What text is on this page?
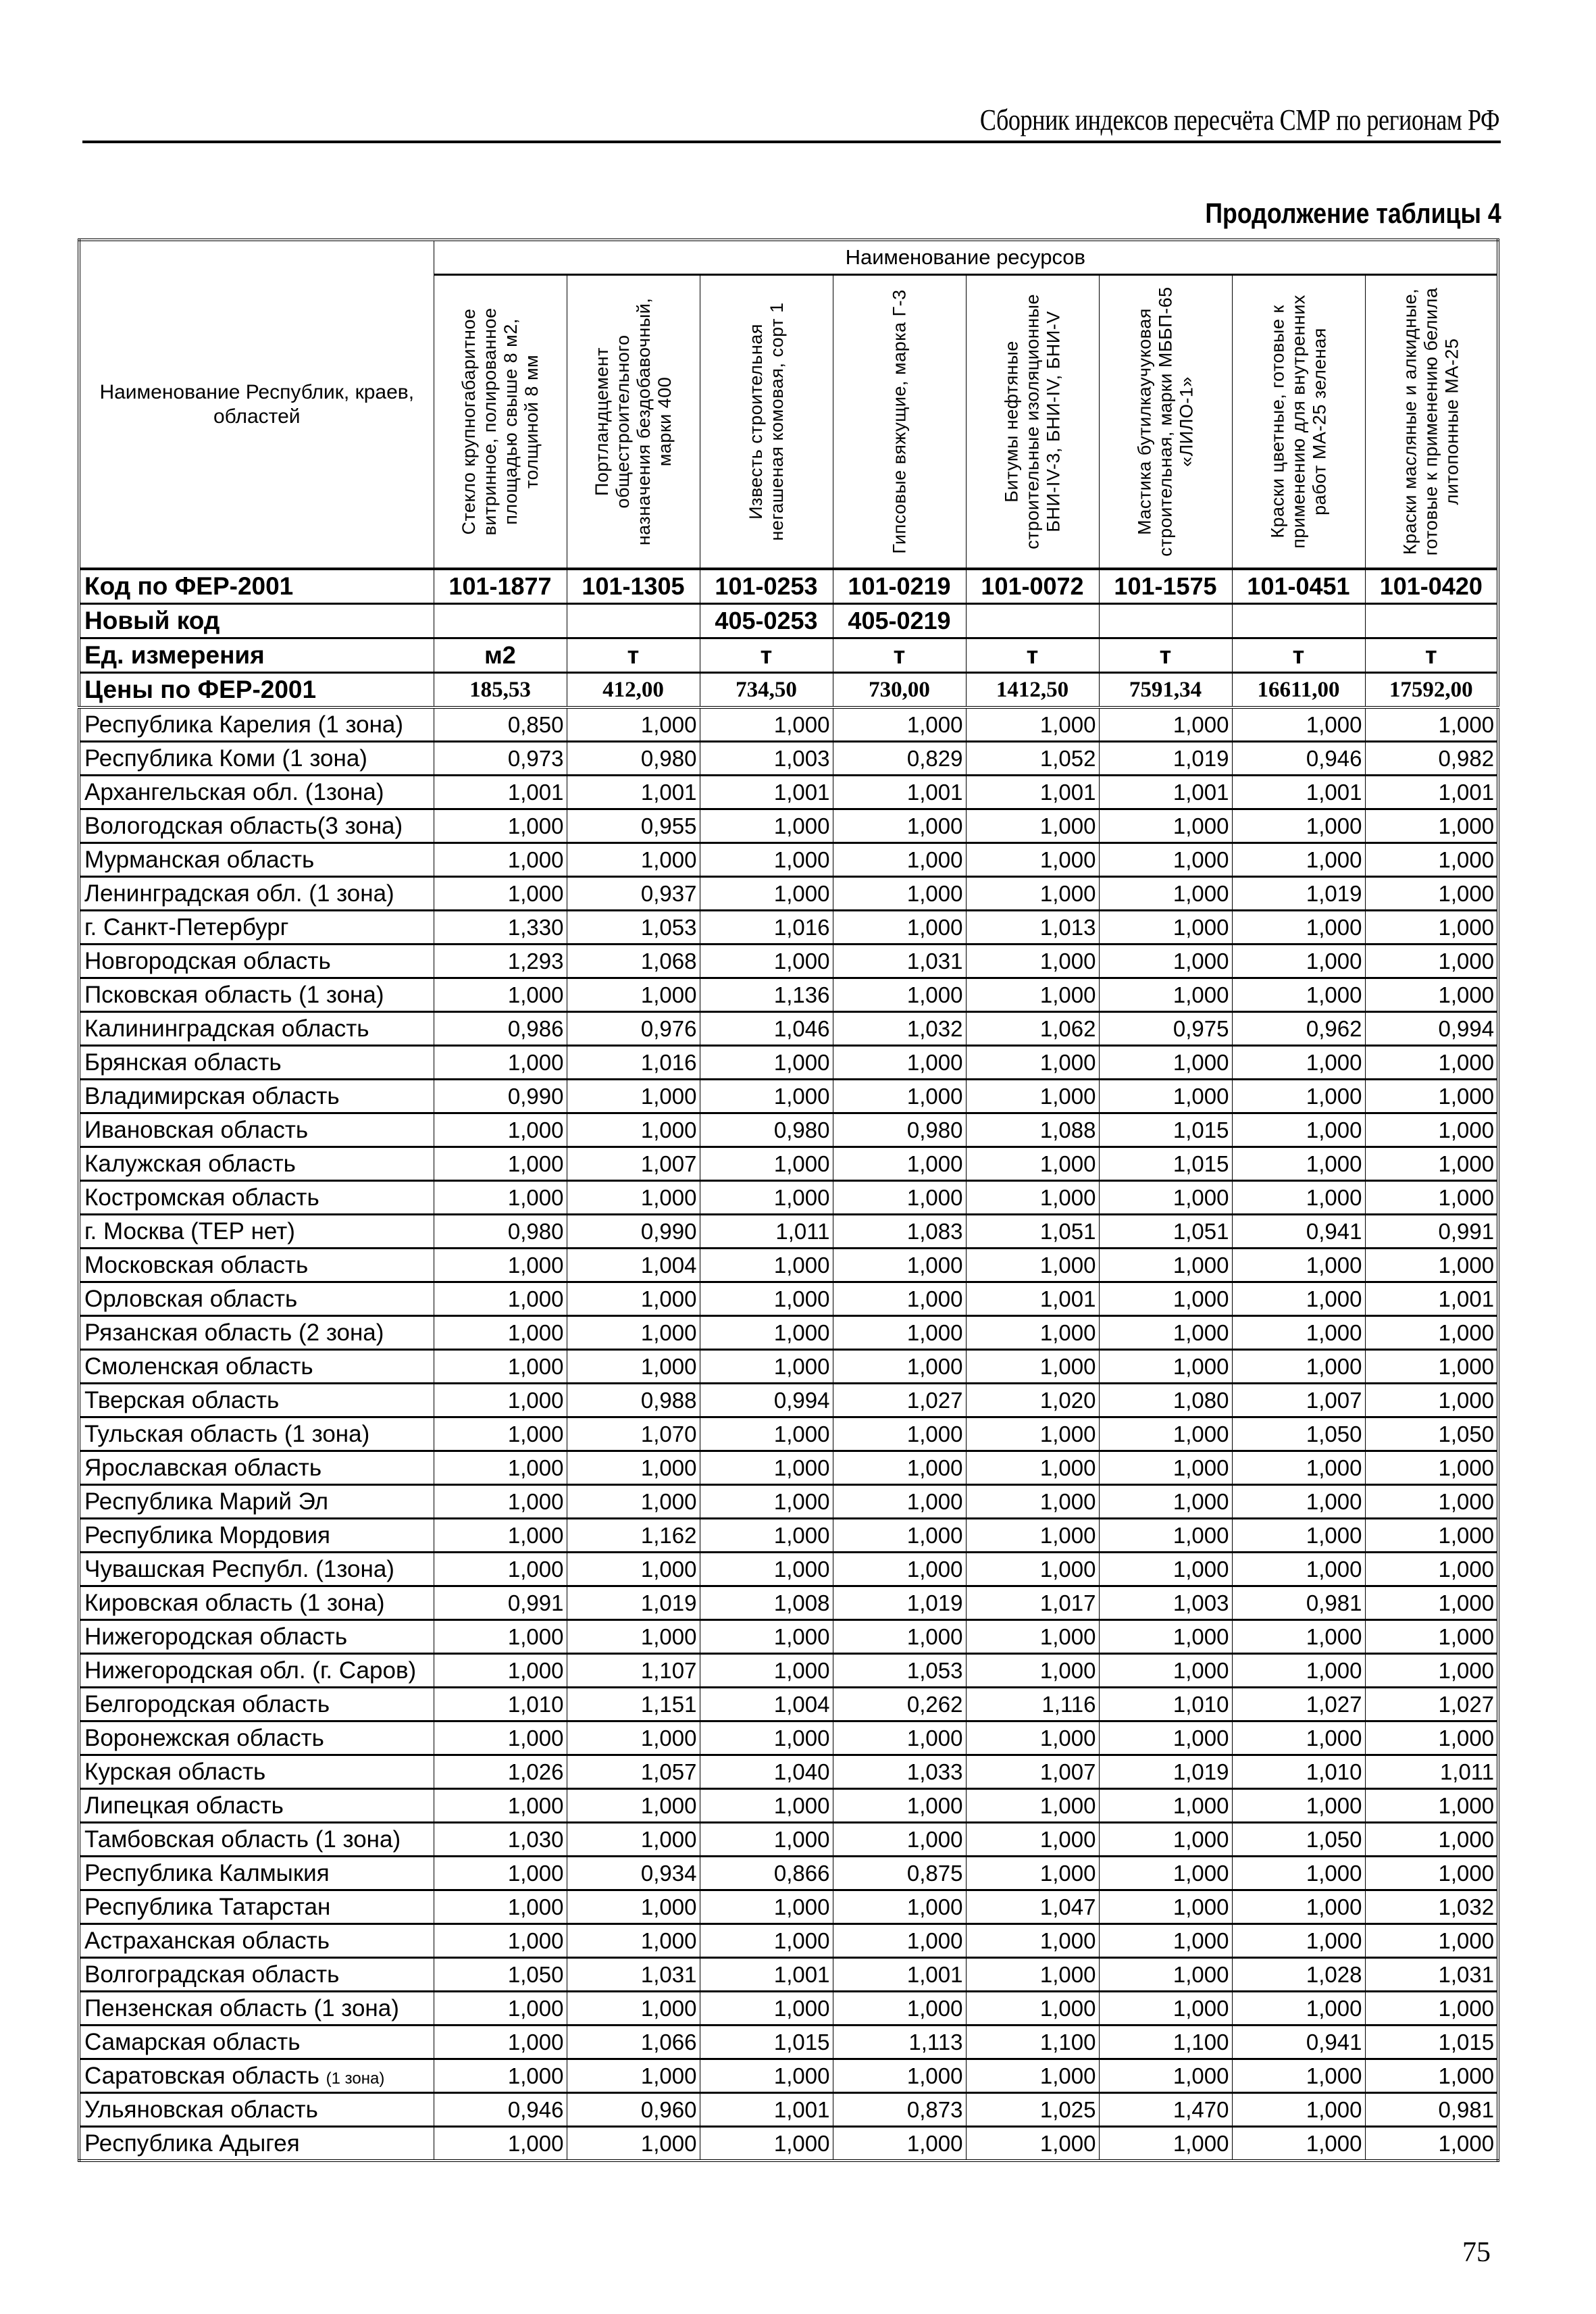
Сборник индексов пересчёта СМР по регионам РФ
Продолжение таблицы 4
Наименование Республик, краев, областей	Наименование ресурсов							

	Стекло крупногабаритное витринное, полированное площадью свыше 8 м2, толщиной 8 мм	Портландцемент общестроительного назначения бездобавочный, марки 400	Известь строительная негашеная комовая, сорт 1	Гипсовые вяжущие, марка Г-3	Битумы нефтяные строительные изоляционные БНИ-IV-3, БНИ-IV, БНИ-V	Мастика бутилкаучуковая строительная, марки МББП-65 «ЛИЛО-1»	Краски цветные, готовые к применению для внутренних работ МА-25 зеленая	Краски масляные и алкидные, готовые к применению белила литопонные МА-25

Код по ФЕР-2001	101-1877	101-1305	101-0253	101-0219	101-0072	101-1575	101-0451	101-0420
Новый код			405-0253	405-0219				
Ед. измерения	м2	т	т	т	т	т	т	т
Цены по ФЕР-2001	185,53	412,00	734,50	730,00	1412,50	7591,34	16611,00	17592,00
Республика Карелия (1 зона)	0,850	1,000	1,000	1,000	1,000	1,000	1,000	1,000
Республика Коми (1 зона)	0,973	0,980	1,003	0,829	1,052	1,019	0,946	0,982
Архангельская обл. (1зона)	1,001	1,001	1,001	1,001	1,001	1,001	1,001	1,001
Вологодская область(3 зона)	1,000	0,955	1,000	1,000	1,000	1,000	1,000	1,000
Мурманская область	1,000	1,000	1,000	1,000	1,000	1,000	1,000	1,000
Ленинградская обл. (1 зона)	1,000	0,937	1,000	1,000	1,000	1,000	1,019	1,000
г. Санкт-Петербург	1,330	1,053	1,016	1,000	1,013	1,000	1,000	1,000
Новгородская область	1,293	1,068	1,000	1,031	1,000	1,000	1,000	1,000
Псковская область (1 зона)	1,000	1,000	1,136	1,000	1,000	1,000	1,000	1,000
Калининградская область	0,986	0,976	1,046	1,032	1,062	0,975	0,962	0,994
Брянская область	1,000	1,016	1,000	1,000	1,000	1,000	1,000	1,000
Владимирская область	0,990	1,000	1,000	1,000	1,000	1,000	1,000	1,000
Ивановская область	1,000	1,000	0,980	0,980	1,088	1,015	1,000	1,000
Калужская область	1,000	1,007	1,000	1,000	1,000	1,015	1,000	1,000
Костромская область	1,000	1,000	1,000	1,000	1,000	1,000	1,000	1,000
г. Москва (ТЕР нет)	0,980	0,990	1,011	1,083	1,051	1,051	0,941	0,991
Московская область	1,000	1,004	1,000	1,000	1,000	1,000	1,000	1,000
Орловская область	1,000	1,000	1,000	1,000	1,001	1,000	1,000	1,001
Рязанская область (2 зона)	1,000	1,000	1,000	1,000	1,000	1,000	1,000	1,000
Смоленская область	1,000	1,000	1,000	1,000	1,000	1,000	1,000	1,000
Тверская область	1,000	0,988	0,994	1,027	1,020	1,080	1,007	1,000
Тульская область (1 зона)	1,000	1,070	1,000	1,000	1,000	1,000	1,050	1,050
Ярославская область	1,000	1,000	1,000	1,000	1,000	1,000	1,000	1,000
Республика Марий Эл	1,000	1,000	1,000	1,000	1,000	1,000	1,000	1,000
Республика Мордовия	1,000	1,162	1,000	1,000	1,000	1,000	1,000	1,000
Чувашская Республ. (1зона)	1,000	1,000	1,000	1,000	1,000	1,000	1,000	1,000
Кировская область (1 зона)	0,991	1,019	1,008	1,019	1,017	1,003	0,981	1,000
Нижегородская область	1,000	1,000	1,000	1,000	1,000	1,000	1,000	1,000
Нижегородская обл. (г. Саров)	1,000	1,107	1,000	1,053	1,000	1,000	1,000	1,000
Белгородская область	1,010	1,151	1,004	0,262	1,116	1,010	1,027	1,027
Воронежская область	1,000	1,000	1,000	1,000	1,000	1,000	1,000	1,000
Курская область	1,026	1,057	1,040	1,033	1,007	1,019	1,010	1,011
Липецкая область	1,000	1,000	1,000	1,000	1,000	1,000	1,000	1,000
Тамбовская область (1 зона)	1,030	1,000	1,000	1,000	1,000	1,000	1,050	1,000
Республика Калмыкия	1,000	0,934	0,866	0,875	1,000	1,000	1,000	1,000
Республика Татарстан	1,000	1,000	1,000	1,000	1,047	1,000	1,000	1,032
Астраханская область	1,000	1,000	1,000	1,000	1,000	1,000	1,000	1,000
Волгоградская область	1,050	1,031	1,001	1,001	1,000	1,000	1,028	1,031
Пензенская область (1 зона)	1,000	1,000	1,000	1,000	1,000	1,000	1,000	1,000
Самарская область	1,000	1,066	1,015	1,113	1,100	1,100	0,941	1,015
Саратовская область (1 зона)	1,000	1,000	1,000	1,000	1,000	1,000	1,000	1,000
Ульяновская область	0,946	0,960	1,001	0,873	1,025	1,470	1,000	0,981
Республика Адыгея	1,000	1,000	1,000	1,000	1,000	1,000	1,000	1,000
75
